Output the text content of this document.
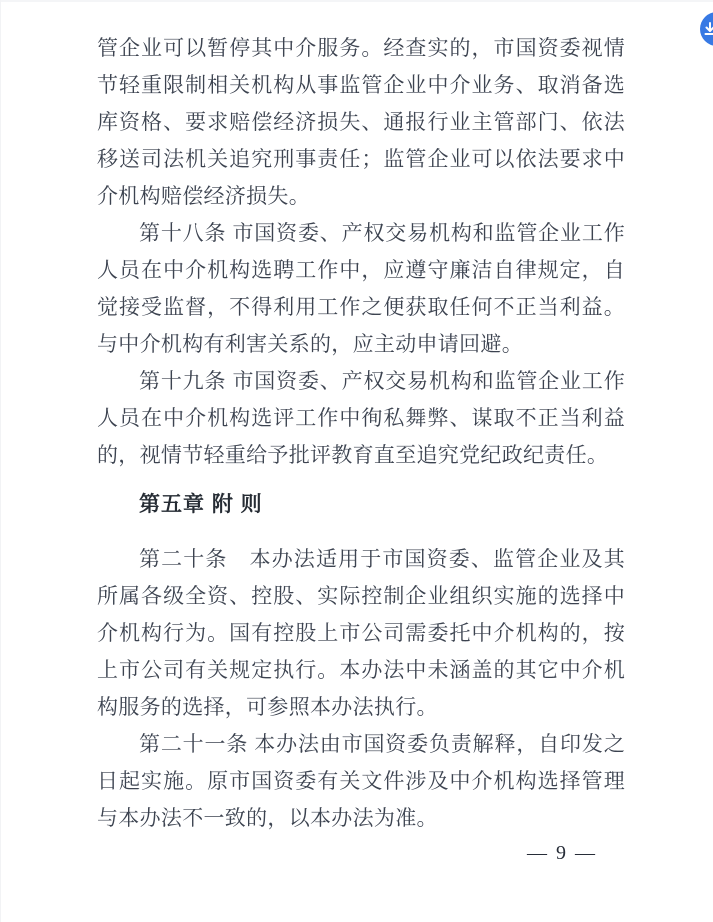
管企业可以暂停其中介服务。经查实的，市国资委视情节轻重限制相关机构从事监管企业中介业务、取消备选库资格、要求赔偿经济损失、通报行业主管部门、依法移送司法机关追究刑事责任；监管企业可以依法要求中介机构赔偿经济损失。

第十八条 市国资委、产权交易机构和监管企业工作人员在中介机构选聘工作中，应遵守廉洁自律规定，自觉接受监督，不得利用工作之便获取任何不正当利益。与中介机构有利害关系的，应主动申请回避。

第十九条 市国资委、产权交易机构和监管企业工作人员在中介机构选评工作中徇私舞弊、谋取不正当利益的，视情节轻重给予批评教育直至追究党纪政纪责任。

第五章 附 则

第二十条　本办法适用于市国资委、监管企业及其所属各级全资、控股、实际控制企业组织实施的选择中介机构行为。国有控股上市公司需委托中介机构的，按上市公司有关规定执行。本办法中未涵盖的其它中介机构服务的选择，可参照本办法执行。

第二十一条 本办法由市国资委负责解释，自印发之日起实施。原市国资委有关文件涉及中介机构选择管理与本办法不一致的，以本办法为准。

— 9 —
